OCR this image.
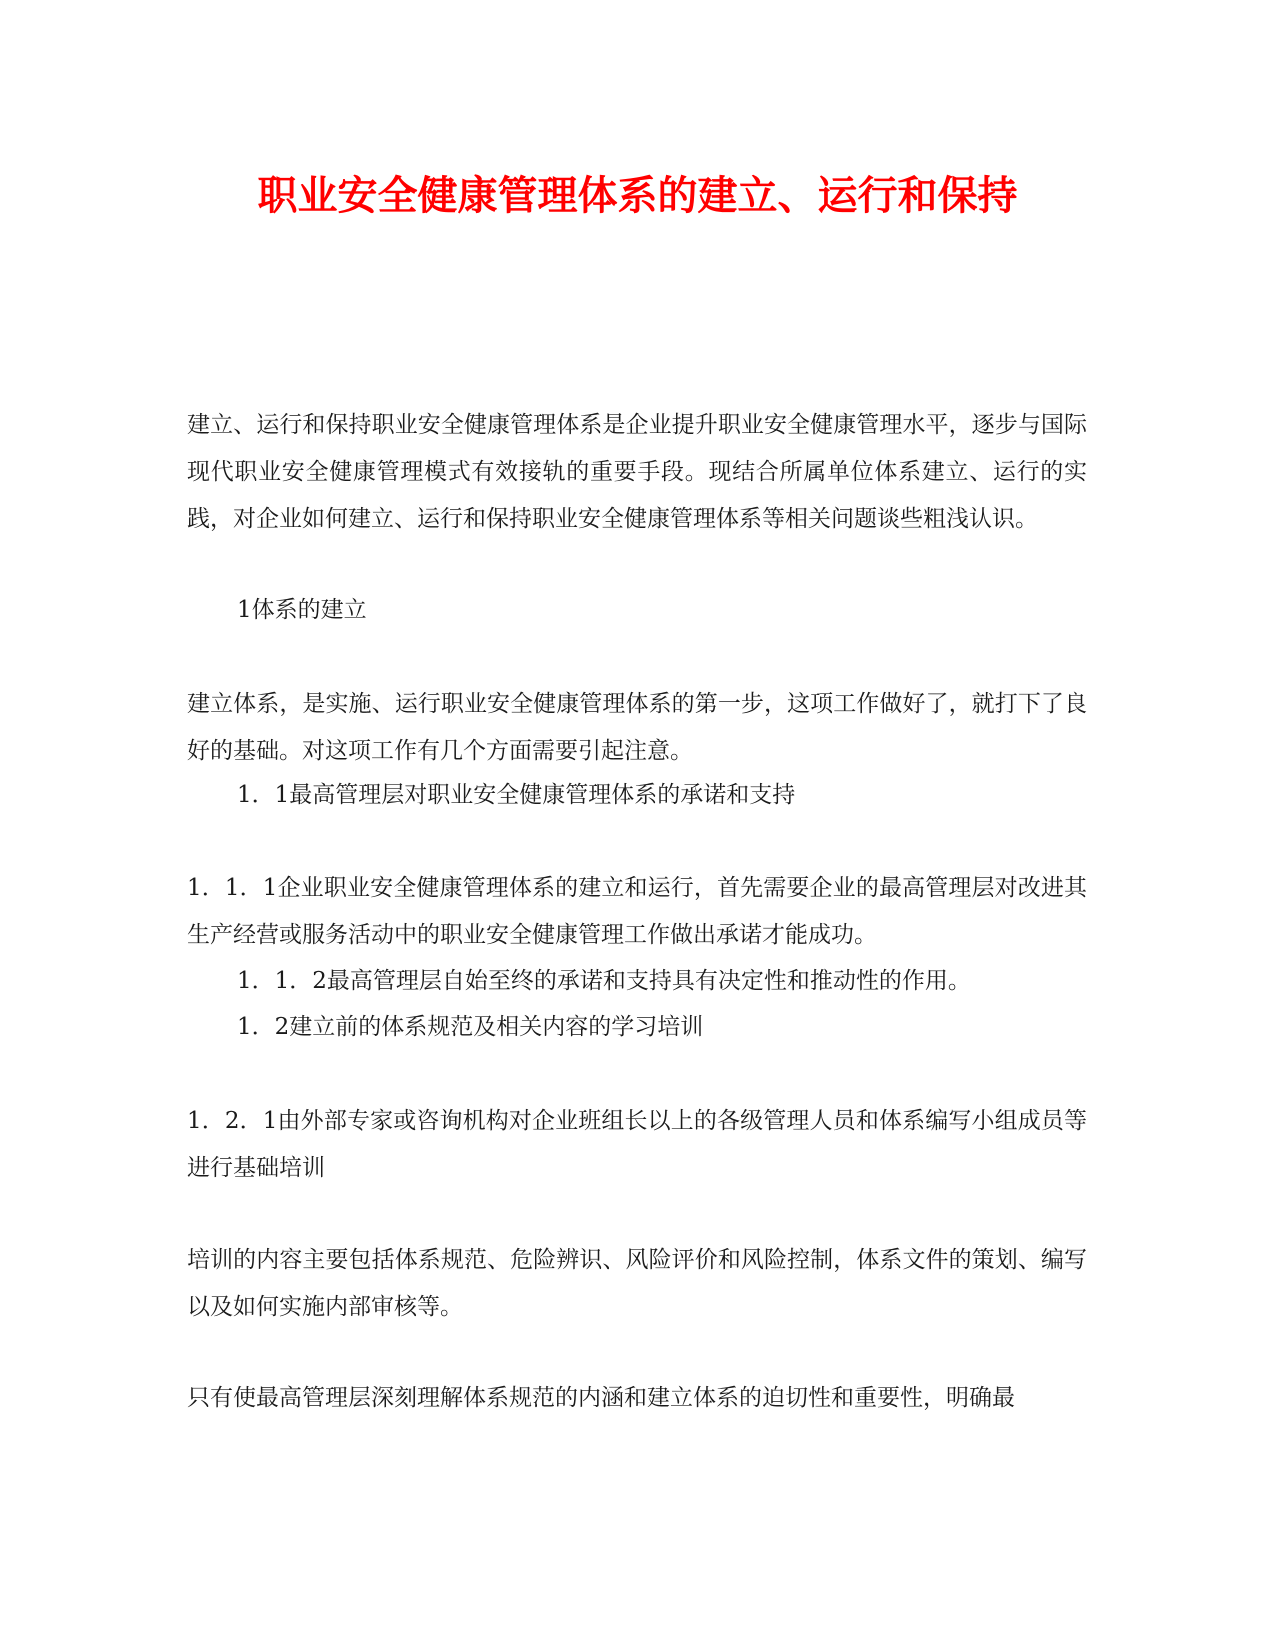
职业安全健康管理体系的建立、运行和保持

建立、运行和保持职业安全健康管理体系是企业提升职业安全健康管理水平，逐步与国际现代职业安全健康管理模式有效接轨的重要手段。现结合所属单位体系建立、运行的实践，对企业如何建立、运行和保持职业安全健康管理体系等相关问题谈些粗浅认识。

1体系的建立

建立体系，是实施、运行职业安全健康管理体系的第一步，这项工作做好了，就打下了良好的基础。对这项工作有几个方面需要引起注意。

1．1最高管理层对职业安全健康管理体系的承诺和支持

1．1．1企业职业安全健康管理体系的建立和运行，首先需要企业的最高管理层对改进其生产经营或服务活动中的职业安全健康管理工作做出承诺才能成功。

1．1．2最高管理层自始至终的承诺和支持具有决定性和推动性的作用。

1．2建立前的体系规范及相关内容的学习培训

1．2．1由外部专家或咨询机构对企业班组长以上的各级管理人员和体系编写小组成员等进行基础培训

培训的内容主要包括体系规范、危险辨识、风险评价和风险控制，体系文件的策划、编写以及如何实施内部审核等。

只有使最高管理层深刻理解体系规范的内涵和建立体系的迫切性和重要性，明确最
